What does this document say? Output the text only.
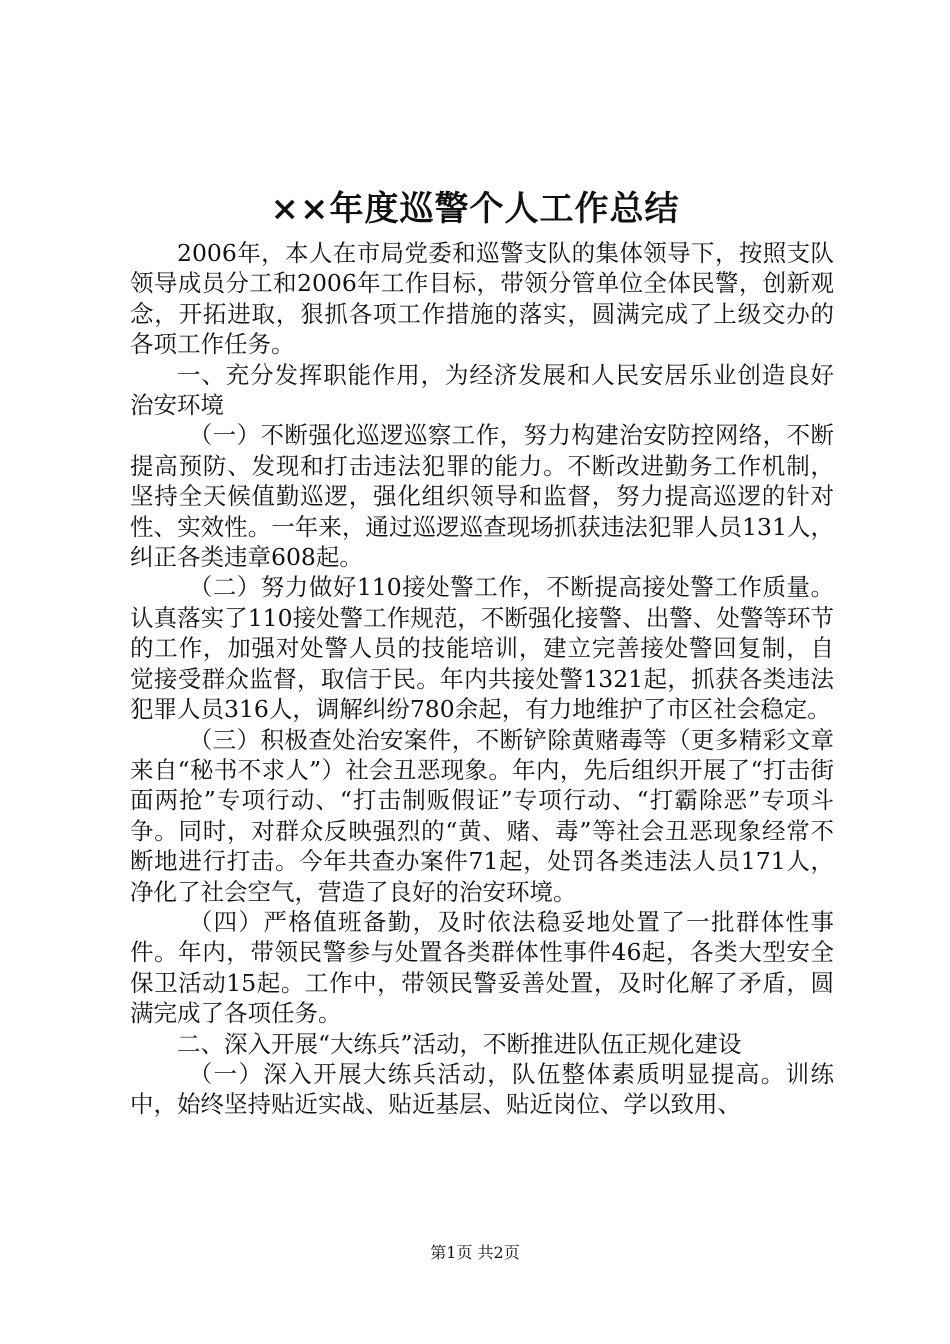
××年度巡警个人工作总结

2006年，本人在市局党委和巡警支队的集体领导下，按照支队领导成员分工和2006年工作目标，带领分管单位全体民警，创新观念，开拓进取，狠抓各项工作措施的落实，圆满完成了上级交办的各项工作任务。

一、充分发挥职能作用，为经济发展和人民安居乐业创造良好治安环境

（一）不断强化巡逻巡察工作，努力构建治安防控网络，不断提高预防、发现和打击违法犯罪的能力。不断改进勤务工作机制，坚持全天候值勤巡逻，强化组织领导和监督，努力提高巡逻的针对性、实效性。一年来，通过巡逻巡查现场抓获违法犯罪人员131人，纠正各类违章608起。

（二）努力做好110接处警工作，不断提高接处警工作质量。认真落实了110接处警工作规范，不断强化接警、出警、处警等环节的工作，加强对处警人员的技能培训，建立完善接处警回复制，自觉接受群众监督，取信于民。年内共接处警1321起，抓获各类违法犯罪人员316人，调解纠纷780余起，有力地维护了市区社会稳定。

（三）积极查处治安案件，不断铲除黄赌毒等（更多精彩文章来自“秘书不求人”）社会丑恶现象。年内，先后组织开展了“打击街面两抢”专项行动、“打击制贩假证”专项行动、“打霸除恶”专项斗争。同时，对群众反映强烈的“黄、赌、毒”等社会丑恶现象经常不断地进行打击。今年共查办案件71起，处罚各类违法人员171人，净化了社会空气，营造了良好的治安环境。

（四）严格值班备勤，及时依法稳妥地处置了一批群体性事件。年内，带领民警参与处置各类群体性事件46起，各类大型安全保卫活动15起。工作中，带领民警妥善处置，及时化解了矛盾，圆满完成了各项任务。

二、深入开展“大练兵”活动，不断推进队伍正规化建设

（一）深入开展大练兵活动，队伍整体素质明显提高。训练中，始终坚持贴近实战、贴近基层、贴近岗位、学以致用、

第1页 共2页
